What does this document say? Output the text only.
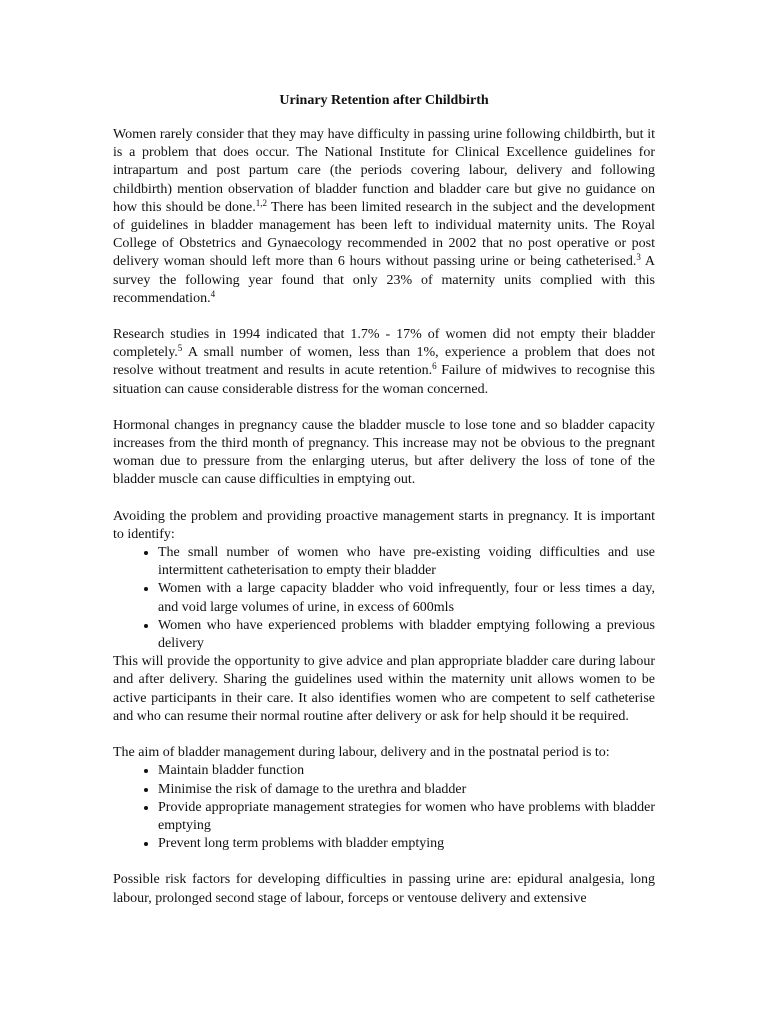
Urinary Retention after Childbirth

Women rarely consider that they may have difficulty in passing urine following childbirth, but it is a problem that does occur. The National Institute for Clinical Excellence guidelines for intrapartum and post partum care (the periods covering labour, delivery and following childbirth) mention observation of bladder function and bladder care but give no guidance on how this should be done.$^{1,2}$ There has been limited research in the subject and the development of guidelines in bladder management has been left to individual maternity units. The Royal College of Obstetrics and Gynaecology recommended in 2002 that no post operative or post delivery woman should left more than 6 hours without passing urine or being catheterised.$^3$ A survey the following year found that only 23% of maternity units complied with this recommendation.$^4$

Research studies in 1994 indicated that 1.7% - 17% of women did not empty their bladder completely.$^5$ A small number of women, less than 1%, experience a problem that does not resolve without treatment and results in acute retention.$^6$ Failure of midwives to recognise this situation can cause considerable distress for the woman concerned.

Hormonal changes in pregnancy cause the bladder muscle to lose tone and so bladder capacity increases from the third month of pregnancy. This increase may not be obvious to the pregnant woman due to pressure from the enlarging uterus, but after delivery the loss of tone of the bladder muscle can cause difficulties in emptying out.

Avoiding the problem and providing proactive management starts in pregnancy. It is important to identify:

• The small number of women who have pre-existing voiding difficulties and use intermittent catheterisation to empty their bladder
• Women with a large capacity bladder who void infrequently, four or less times a day, and void large volumes of urine, in excess of 600mls
• Women who have experienced problems with bladder emptying following a previous delivery

This will provide the opportunity to give advice and plan appropriate bladder care during labour and after delivery. Sharing the guidelines used within the maternity unit allows women to be active participants in their care. It also identifies women who are competent to self catheterise and who can resume their normal routine after delivery or ask for help should it be required.

The aim of bladder management during labour, delivery and in the postnatal period is to:

• Maintain bladder function
• Minimise the risk of damage to the urethra and bladder
• Provide appropriate management strategies for women who have problems with bladder emptying
• Prevent long term problems with bladder emptying

Possible risk factors for developing difficulties in passing urine are: epidural analgesia, long labour, prolonged second stage of labour, forceps or ventouse delivery and extensive
